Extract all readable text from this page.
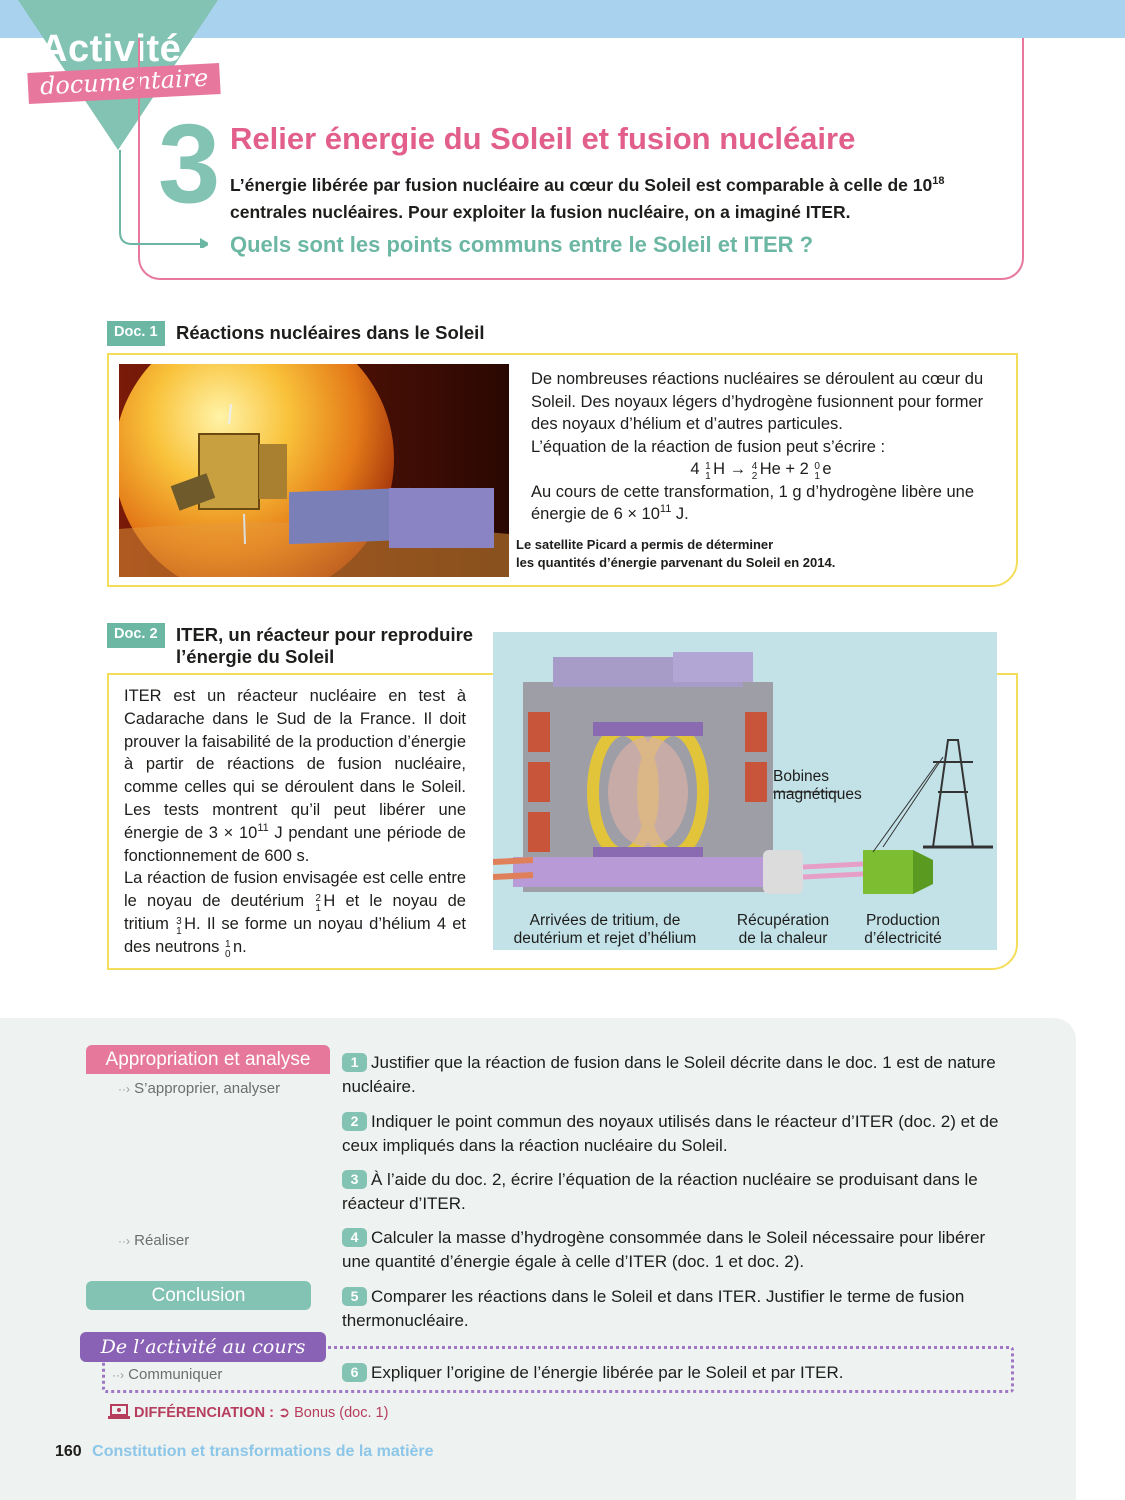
Activité
documentaire
3 Relier énergie du Soleil et fusion nucléaire
L’énergie libérée par fusion nucléaire au cœur du Soleil est comparable à celle de $10^{18}$
centrales nucléaires. Pour exploiter la fusion nucléaire, on a imaginé ITER.
Quels sont les points communs entre le Soleil et ITER ?
Doc. 1 Réactions nucléaires dans le Soleil
De nombreuses réactions nucléaires se déroulent au cœur du Soleil. Des noyaux légers d’hydrogène fusionnent pour former des noyaux d’hélium et d’autres particules.
L’équation de la réaction de fusion peut s’écrire :
4 1
1 H → 4
2 He + 2 0
1 e
Au cours de cette transformation, 1 g d’hydrogène libère une énergie de $6 \times 10^{11}$ J.
Le satellite Picard a permis de déterminer
les quantités d’énergie parvenant du Soleil en 2014.
Doc. 2 ITER, un réacteur pour reproduire
l’énergie du Soleil
ITER est un réacteur nucléaire en test à Cadarache dans le Sud de la France. Il doit prouver la faisabilité de la production d’énergie à partir de réactions de fusion nucléaire, comme celles qui se déroulent dans le Soleil. Les tests montrent qu’il peut libérer une énergie de $3 \times 10^{11}$ J pendant une période de fonctionnement de 600 s.
La réaction de fusion envisagée est celle entre le noyau de deutérium 2
1 H et le noyau de tritium 3
1 H. Il se forme un noyau d’hélium 4 et des neutrons 1
0 n.
Bobines
magnétiques
Arrivées de tritium, de
deutérium et rejet d’hélium
Récupération
de la chaleur
Production
d’électricité
Appropriation et analyse
··› S’approprier, analyser
··› Réaliser
Conclusion
De l’activité au cours
··› Communiquer
1 Justifier que la réaction de fusion dans le Soleil décrite dans le doc. 1 est de nature nucléaire.
2 Indiquer le point commun des noyaux utilisés dans le réacteur d’ITER (doc. 2) et de ceux impliqués dans la réaction nucléaire du Soleil.
3 À l’aide du doc. 2, écrire l’équation de la réaction nucléaire se produisant dans le réacteur d’ITER.
4 Calculer la masse d’hydrogène consommée dans le Soleil nécessaire pour libérer une quantité d’énergie égale à celle d’ITER (doc. 1 et doc. 2).
5 Comparer les réactions dans le Soleil et dans ITER. Justifier le terme de fusion thermonucléaire.
6 Expliquer l’origine de l’énergie libérée par le Soleil et par ITER.
DIFFÉRENCIATION : ➲ Bonus (doc. 1)
160 Constitution et transformations de la matière
